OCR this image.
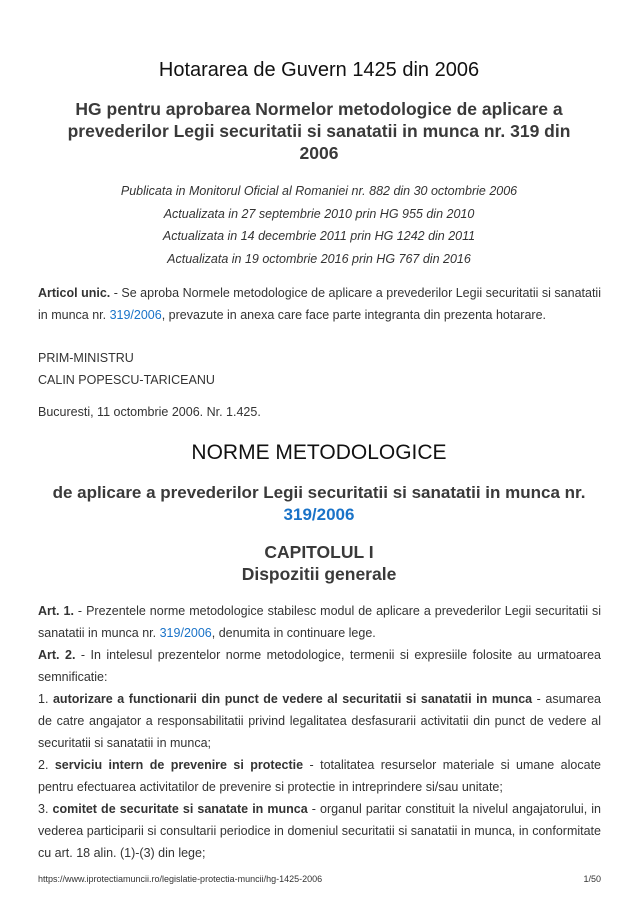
Hotararea de Guvern 1425 din 2006
HG pentru aprobarea Normelor metodologice de aplicare a prevederilor Legii securitatii si sanatatii in munca nr. 319 din 2006
Publicata in Monitorul Oficial al Romaniei nr. 882 din 30 octombrie 2006
Actualizata in 27 septembrie 2010 prin HG 955 din 2010
Actualizata in 14 decembrie 2011 prin HG 1242 din 2011
Actualizata in 19 octombrie 2016 prin HG 767 din 2016
Articol unic. - Se aproba Normele metodologice de aplicare a prevederilor Legii securitatii si sanatatii in munca nr. 319/2006, prevazute in anexa care face parte integranta din prezenta hotarare.
PRIM-MINISTRU
CALIN POPESCU-TARICEANU
Bucuresti, 11 octombrie 2006. Nr. 1.425.
NORME METODOLOGICE
de aplicare a prevederilor Legii securitatii si sanatatii in munca nr. 319/2006
CAPITOLUL I
Dispozitii generale
Art. 1. - Prezentele norme metodologice stabilesc modul de aplicare a prevederilor Legii securitatii si sanatatii in munca nr. 319/2006, denumita in continuare lege.
Art. 2. - In intelesul prezentelor norme metodologice, termenii si expresiile folosite au urmatoarea semnificatie:
1. autorizare a functionarii din punct de vedere al securitatii si sanatatii in munca - asumarea de catre angajator a responsabilitatii privind legalitatea desfasurarii activitatii din punct de vedere al securitatii si sanatatii in munca;
2. serviciu intern de prevenire si protectie - totalitatea resurselor materiale si umane alocate pentru efectuarea activitatilor de prevenire si protectie in intreprindere si/sau unitate;
3. comitet de securitate si sanatate in munca - organul paritar constituit la nivelul angajatorului, in vederea participarii si consultarii periodice in domeniul securitatii si sanatatii in munca, in conformitate cu art. 18 alin. (1)-(3) din lege;
https://www.iprotectiamuncii.ro/legislatie-protectia-muncii/hg-1425-2006	1/50
